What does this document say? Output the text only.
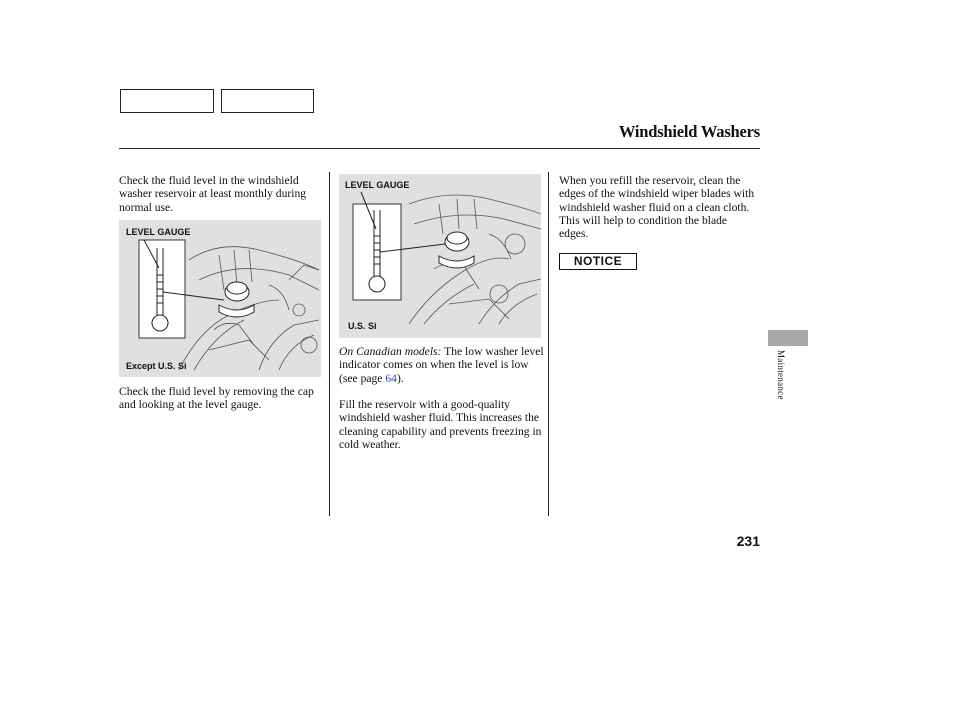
Windshield Washers

Check the fluid level in the windshield washer reservoir at least monthly during normal use.

LEVEL GAUGE
Except U.S. Si

Check the fluid level by removing the cap and looking at the level gauge.

LEVEL GAUGE
U.S. Si

On Canadian models: The low washer level indicator comes on when the level is low (see page 64).

Fill the reservoir with a good-quality windshield washer fluid. This increases the cleaning capability and prevents freezing in cold weather.

When you refill the reservoir, clean the edges of the windshield wiper blades with windshield washer fluid on a clean cloth. This will help to condition the blade edges.

NOTICE
Maintenance
231
